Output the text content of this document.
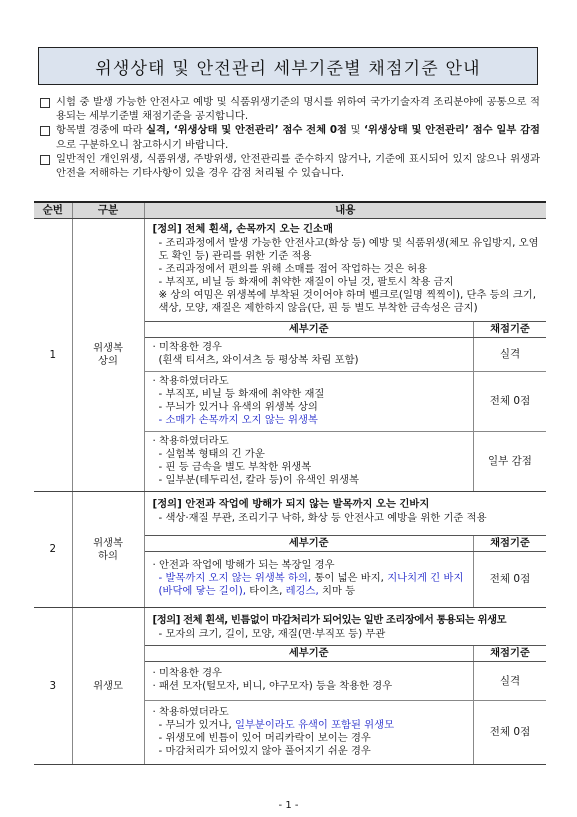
위생상태 및 안전관리 세부기준별 채점기준 안내
시험 중 발생 가능한 안전사고 예방 및 식품위생기준의 명시를 위하여 국가기술자격 조리분야에 공통으로 적용되는 세부기준별 채점기준을 공지합니다.
항목별 경중에 따라 실격, ‘위생상태 및 안전관리’ 점수 전체 0점 및 ‘위생상태 및 안전관리’ 점수 일부 감점으로 구분하오니 참고하시기 바랍니다.
일반적인 개인위생, 식품위생, 주방위생, 안전관리를 준수하지 않거나, 기준에 표시되어 있지 않으나 위생과 안전을 저해하는 기타사항이 있을 경우 감점 처리될 수 있습니다.
순번	구분	내용
1	위생복 상의	
[정의] 전체 흰색, 손목까지 오는 긴소매
- 조리과정에서 발생 가능한 안전사고(화상 등) 예방 및 식품위생(체모 유입방지, 오염도 확인 등) 관리를 위한 기준 적용
- 조리과정에서 편의를 위해 소매를 접어 작업하는 것은 허용
- 부직포, 비닐 등 화재에 취약한 재질이 아닐 것, 팔토시 착용 금지
※ 상의 여밈은 위생복에 부착된 것이어야 하며 벨크로(일명 찍찍이), 단추 등의 크기, 색상, 모양, 재질은 제한하지 않음(단, 핀 등 별도 부착한 금속성은 금지)
세부기준	채점기준

· 미착용한 경우
(흰색 티셔츠, 와이셔츠 등 평상복 차림 포함)	실격

· 착용하였더라도
- 부직포, 비닐 등 화재에 취약한 재질
- 무늬가 있거나 유색의 위생복 상의
- 소매가 손목까지 오지 않는 위생복
	전체 0점

· 착용하였더라도
- 실험복 형태의 긴 가운
- 핀 등 금속을 별도 부착한 위생복
- 일부분(테두리선, 칼라 등)이 유색인 위생복
	일부 감점

2	위생복 하의	
[정의] 안전과 작업에 방해가 되지 않는 발목까지 오는 긴바지
- 색상·재질 무관, 조리기구 낙하, 화상 등 안전사고 예방을 위한 기준 적용
세부기준	채점기준

· 안전과 작업에 방해가 되는 복장일 경우
- 발목까지 오지 않는 위생복 하의, 통이 넓은 바지, 지나치게 긴 바지(바닥에 닿는 길이), 타이츠, 레깅스, 치마 등
	전체 0점

3	위생모	
[정의] 전체 흰색, 빈틈없이 마감처리가 되어있는 일반 조리장에서 통용되는 위생모
- 모자의 크기, 길이, 모양, 재질(면·부직포 등) 무관
세부기준	채점기준

· 미착용한 경우
· 패션 모자(털모자, 비니, 야구모자) 등을 착용한 경우	실격

· 착용하였더라도
- 무늬가 있거나, 일부분이라도 유색이 포함된 위생모
- 위생모에 빈틈이 있어 머리카락이 보이는 경우
- 마감처리가 되어있지 않아 풀어지기 쉬운 경우
	전체 0점
- 1 -
